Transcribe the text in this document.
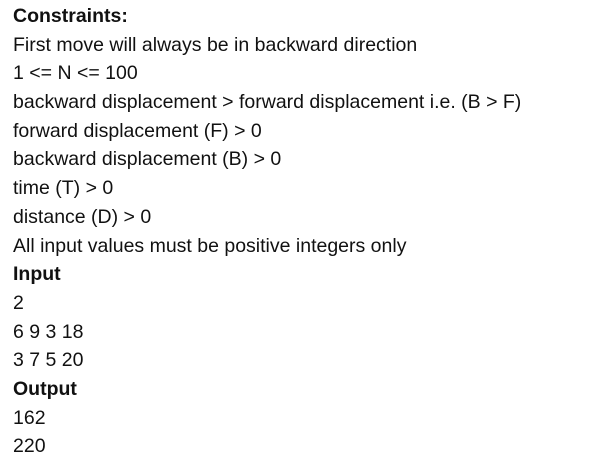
Constraints:
First move will always be in backward direction
1 <= N <= 100
backward displacement > forward displacement i.e. (B > F)
forward displacement (F) > 0
backward displacement (B) > 0
time (T) > 0
distance (D) > 0
All input values must be positive integers only
Input
2
6 9 3 18
3 7 5 20
Output
162
220
